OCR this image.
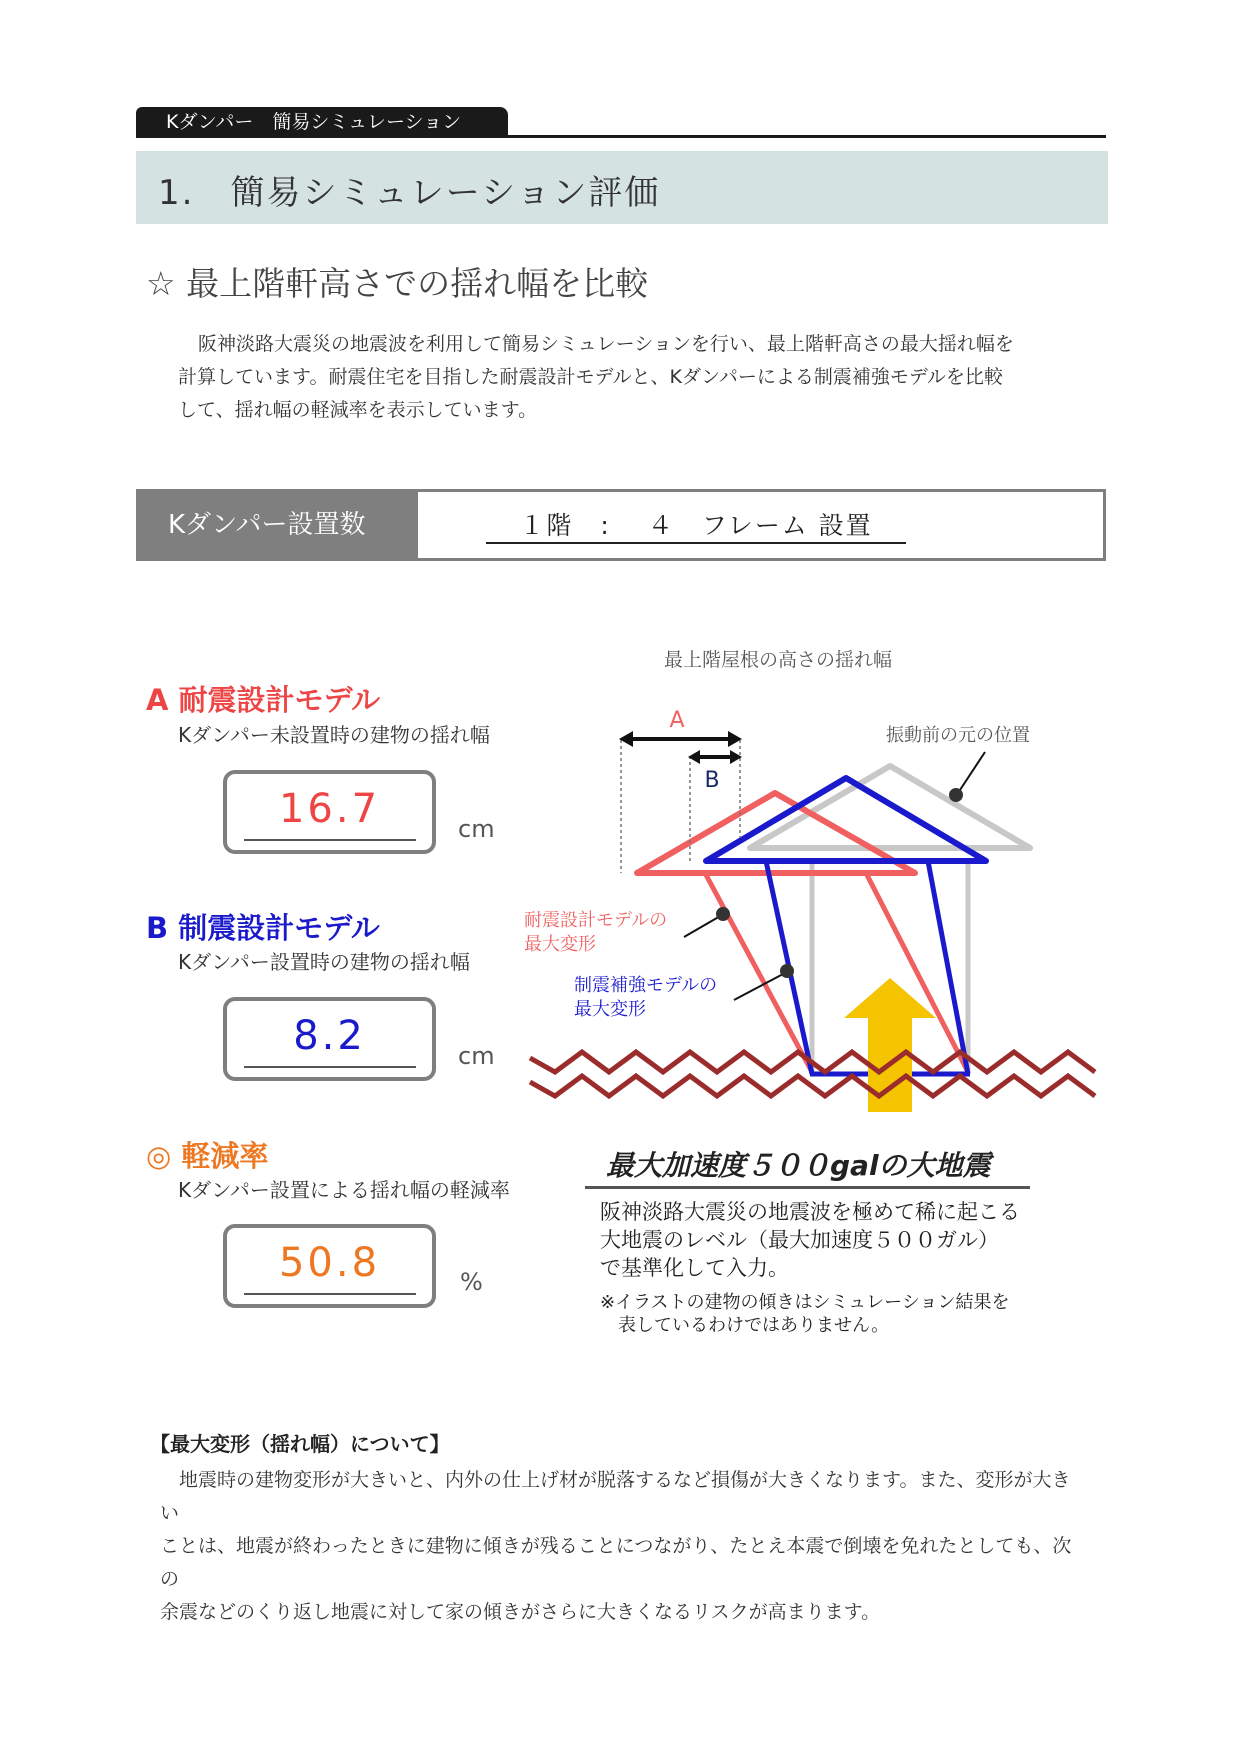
Kダンパー　簡易シミュレーション
1.　簡易シミュレーション評価
☆ 最上階軒高さでの揺れ幅を比較

阪神淡路大震災の地震波を利用して簡易シミュレーションを行い、最上階軒高さの最大揺れ幅を

計算しています。耐震住宅を目指した耐震設計モデルと、Kダンパーによる制震補強モデルを比較

して、揺れ幅の軽減率を表示しています。

Kダンパー設置数	１階　:　 ４　フレーム 設置
A 耐震設計モデル
Kダンパー未設置時の建物の揺れ幅
16.7	cm
B 制震設計モデル
Kダンパー設置時の建物の揺れ幅
8.2	cm
◎ 軽減率
Kダンパー設置による揺れ幅の軽減率
50.8	%
最上階屋根の高さの揺れ幅
A
B
振動前の元の位置
耐震設計モデルの
最大変形
制震補強モデルの
最大変形
最大加速度５００galの大地震

阪神淡路大震災の地震波を極めて稀に起こる

大地震のレベル（最大加速度５００ガル）

で基準化して入力。

※イラストの建物の傾きはシミュレーション結果を

　表しているわけではありません。

【最大変形（揺れ幅）について】

　地震時の建物変形が大きいと、内外の仕上げ材が脱落するなど損傷が大きくなります。また、変形が大きい

ことは、地震が終わったときに建物に傾きが残ることにつながり、たとえ本震で倒壊を免れたとしても、次の

余震などのくり返し地震に対して家の傾きがさらに大きくなるリスクが高まります。
